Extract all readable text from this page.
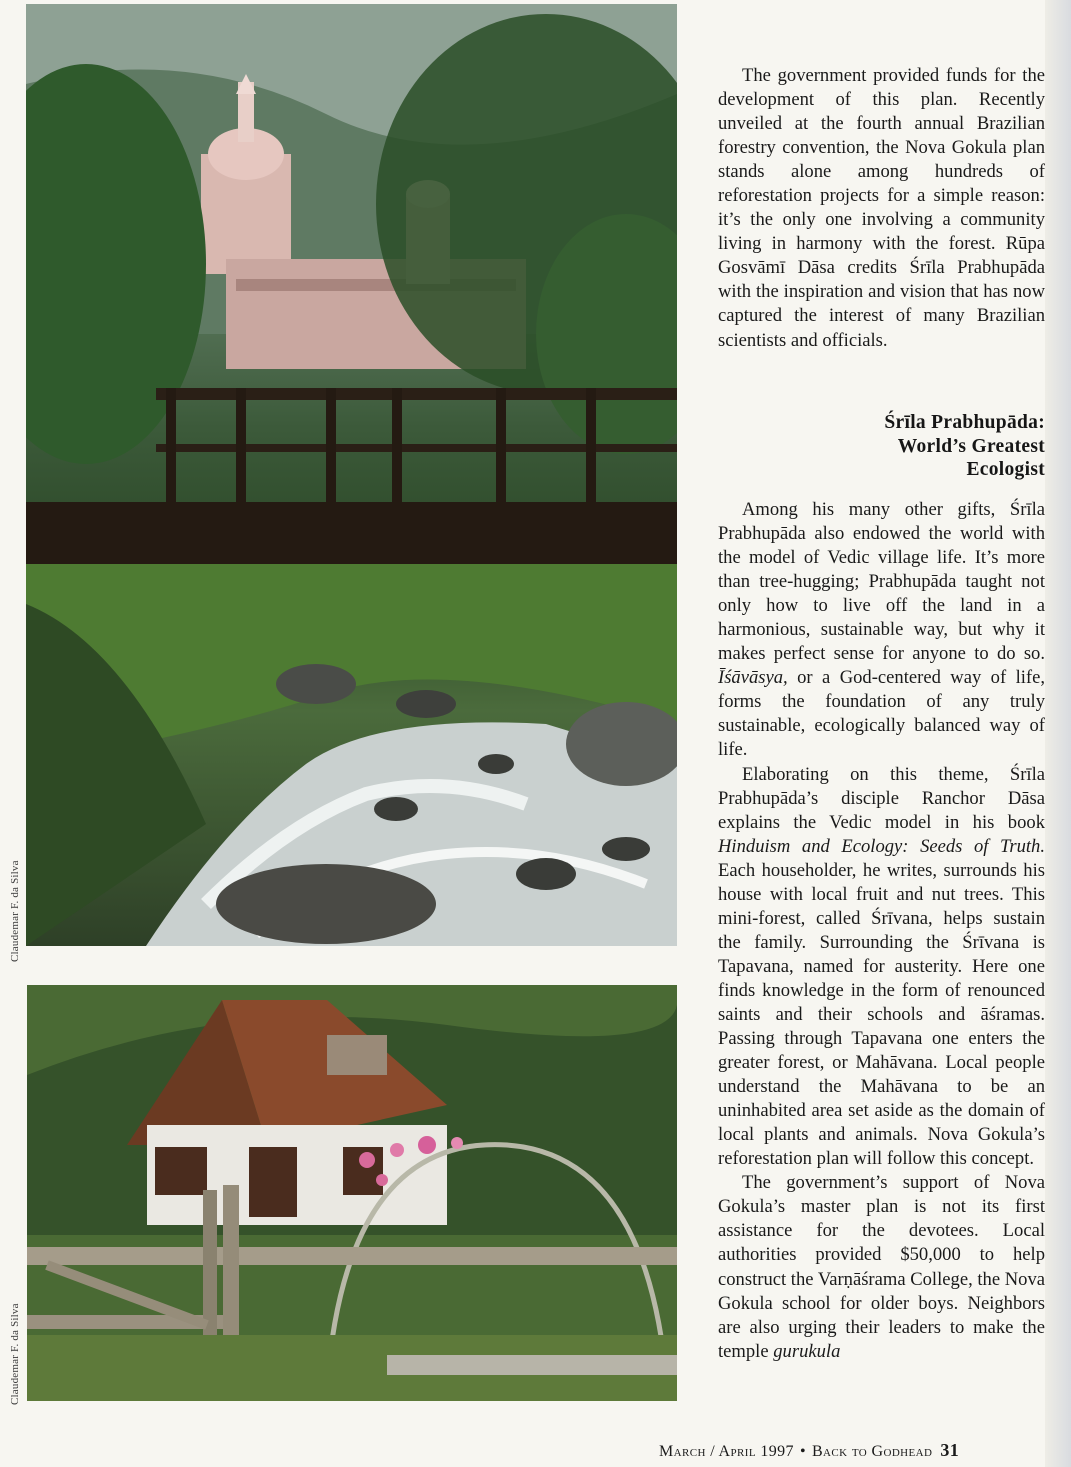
Claudemar F. da Silva
Claudemar F. da Silva

The government provided funds for the development of this plan. Recently unveiled at the fourth annual Brazilian forestry convention, the Nova Gokula plan stands alone among hundreds of reforestation projects for a simple reason: it’s the only one involving a community living in harmony with the forest. Rūpa Gosvāmī Dāsa credits Śrīla Prabhupāda with the inspiration and vision that has now captured the interest of many Brazilian scientists and officials.

Śrīla Prabhupāda:
World’s Greatest
Ecologist

Among his many other gifts, Śrīla Prabhupāda also endowed the world with the model of Vedic village life. It’s more than tree-hugging; Prabhupāda taught not only how to live off the land in a harmonious, sustainable way, but why it makes perfect sense for anyone to do so. Īśāvāsya, or a God-centered way of life, forms the foundation of any truly sustainable, ecologically balanced way of life.

Elaborating on this theme, Śrīla Prabhupāda’s disciple Ranchor Dāsa explains the Vedic model in his book Hinduism and Ecology: Seeds of Truth. Each householder, he writes, surrounds his house with local fruit and nut trees. This mini-forest, called Śrīvana, helps sustain the family. Surrounding the Śrīvana is Tapavana, named for austerity. Here one finds knowledge in the form of renounced saints and their schools and āśramas. Passing through Tapavana one enters the greater forest, or Mahāvana. Local people understand the Mahāvana to be an uninhabited area set aside as the domain of local plants and animals. Nova Gokula’s reforestation plan will follow this concept.

The government’s support of Nova Gokula’s master plan is not its first assistance for the devotees. Local authorities provided $50,000 to help construct the Varṇāśrama College, the Nova Gokula school for older boys. Neighbors are also urging their leaders to make the temple gurukula

March / April 1997 • Back to Godhead 31
